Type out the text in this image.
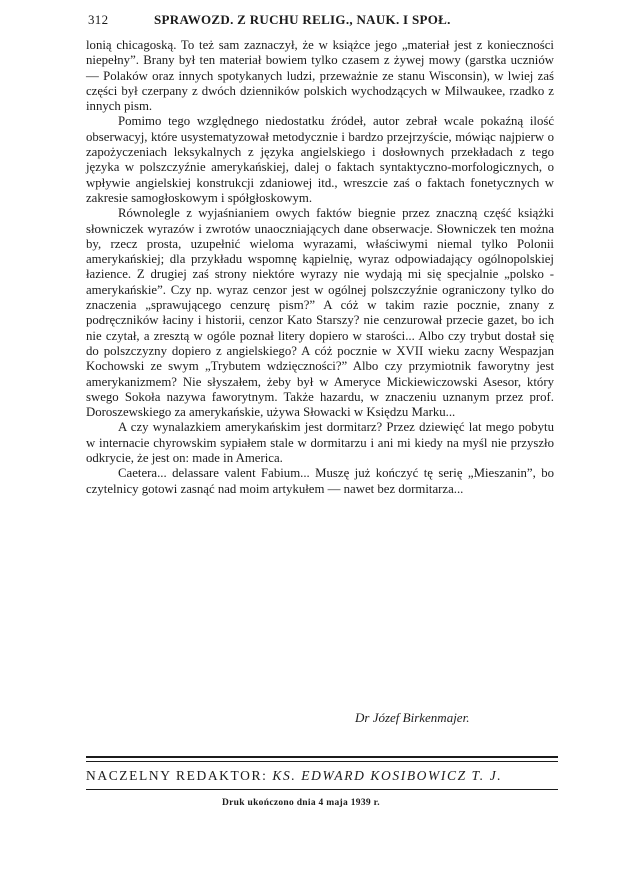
312	SPRAWOZD. Z RUCHU RELIG., NAUK. I SPOŁ.

lonią chicagoską. To też sam zaznaczył, że w książce jego „materiał jest z konieczności niepełny”. Brany był ten materiał bowiem tylko czasem z żywej mowy (garstka uczniów — Polaków oraz innych spotykanych ludzi, przeważnie ze stanu Wisconsin), w lwiej zaś części był czerpany z dwóch dzienników polskich wychodzących w Milwaukee, rzadko z innych pism.

Pomimo tego względnego niedostatku źródeł, autor zebrał wcale pokaźną ilość obserwacyj, które usystematyzował metodycznie i bardzo przejrzyście, mówiąc najpierw o zapożyczeniach leksykalnych z języka angielskiego i dosłownych przekładach z tego języka w polszczyźnie amerykańskiej, dalej o faktach syntaktyczno-morfologicznych, o wpływie angielskiej konstrukcji zdaniowej itd., wreszcie zaś o faktach fonetycznych w zakresie samogłoskowym i spółgłoskowym.

Równolegle z wyjaśnianiem owych faktów biegnie przez znaczną część książki słowniczek wyrazów i zwrotów unaoczniających dane obserwacje. Słowniczek ten można by, rzecz prosta, uzupełnić wieloma wyrazami, właściwymi niemal tylko Polonii amerykańskiej; dla przykładu wspomnę kąpielnię, wyraz odpowiadający ogólnopolskiej łazience. Z drugiej zaś strony niektóre wyrazy nie wydają mi się specjalnie „polsko - amerykańskie”. Czy np. wyraz cenzor jest w ogólnej polszczyźnie ograniczony tylko do znaczenia „sprawującego cenzurę pism?” A cóż w takim razie pocznie, znany z podręczników łaciny i historii, cenzor Kato Starszy? nie cenzurował przecie gazet, bo ich nie czytał, a zresztą w ogóle poznał litery dopiero w starości... Albo czy trybut dostał się do polszczyzny dopiero z angielskiego? A cóż pocznie w XVII wieku zacny Wespazjan Kochowski ze swym „Trybutem wdzięczności?” Albo czy przymiotnik faworytny jest amerykanizmem? Nie słyszałem, żeby był w Ameryce Mickiewiczowski Asesor, który swego Sokoła nazywa faworytnym. Także hazardu, w znaczeniu uznanym przez prof. Doroszewskiego za amerykańskie, używa Słowacki w Księdzu Marku...

A czy wynalazkiem amerykańskim jest dormitarz? Przez dziewięć lat mego pobytu w internacie chyrowskim sypiałem stale w dormitarzu i ani mi kiedy na myśl nie przyszło odkrycie, że jest on: made in America.

Caetera... delassare valent Fabium... Muszę już kończyć tę serię „Mieszanin”, bo czytelnicy gotowi zasnąć nad moim artykułem — nawet bez dormitarza...

Dr Józef Birkenmajer.
NACZELNY REDAKTOR: KS. EDWARD KOSIBOWICZ T. J.
Druk ukończono dnia 4 maja 1939 r.
